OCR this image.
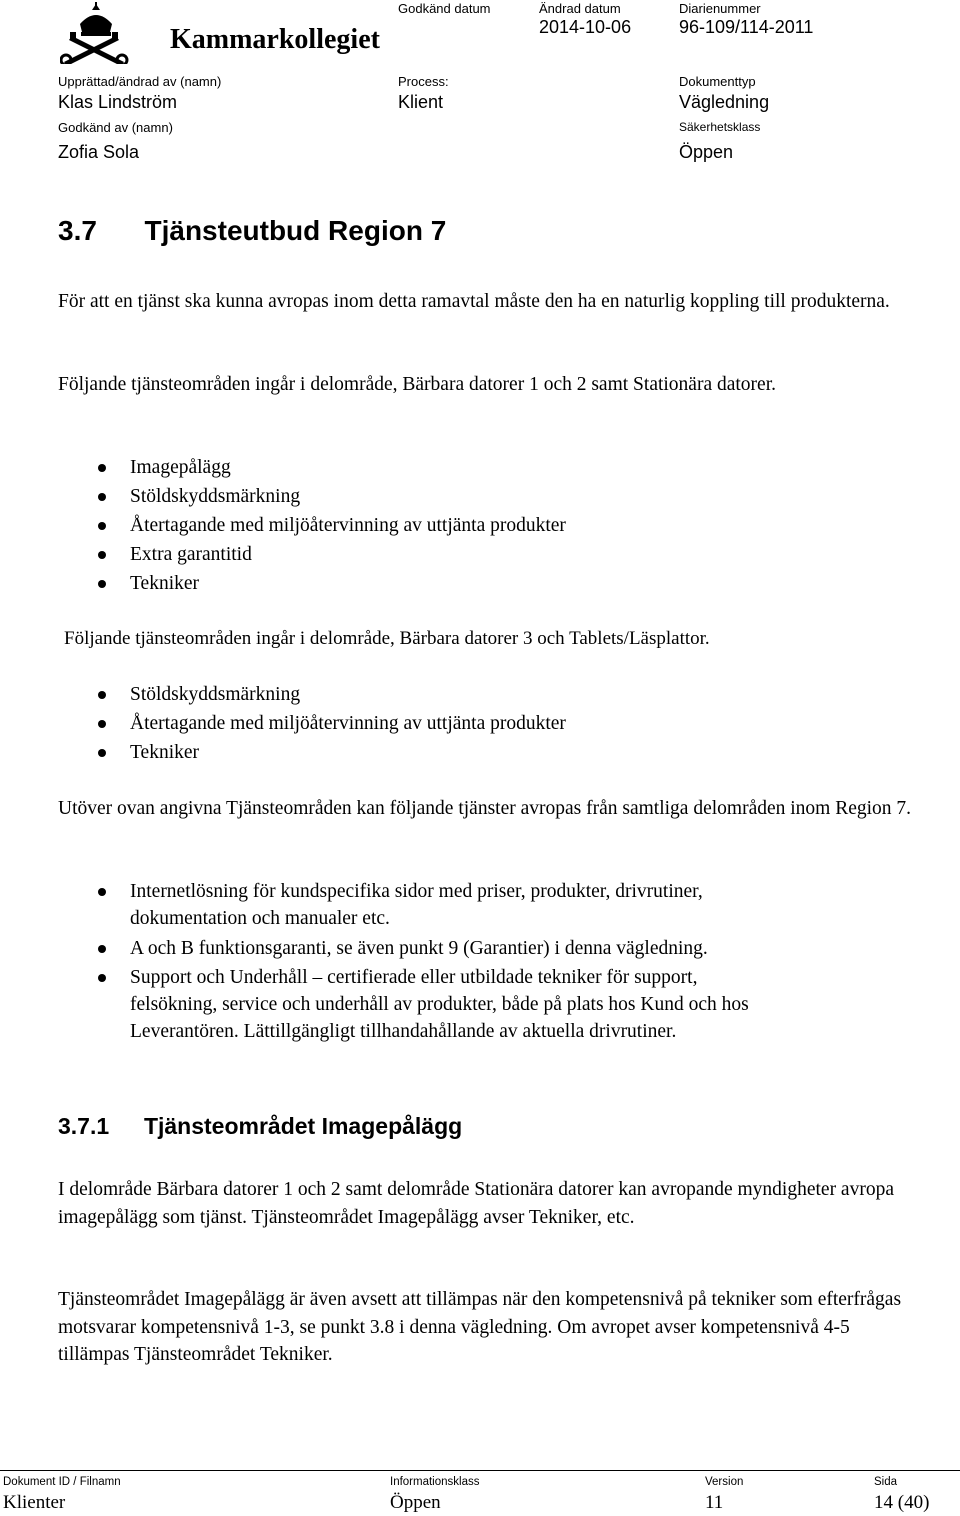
Kammarkollegiet
Godkänd datum	Ändrad datum
2014-10-06
Diarienummer
96-109/114-2011
Upprättad/ändrad av (namn)
Klas Lindström
Process:
Klient
Dokumenttyp
Vägledning
Godkänd av (namn)
Zofia Sola
Säkerhetsklass
Öppen
3.7 Tjänsteutbud Region 7
För att en tjänst ska kunna avropas inom detta ramavtal måste den ha en naturlig koppling till produkterna.
Följande tjänsteområden ingår i delområde, Bärbara datorer 1 och 2 samt Stationära datorer.
Imagepålägg
Stöldskyddsmärkning
Återtagande med miljöåtervinning av uttjänta produkter
Extra garantitid
Tekniker
Följande tjänsteområden ingår i delområde, Bärbara datorer 3 och Tablets/Läsplattor.
Stöldskyddsmärkning
Återtagande med miljöåtervinning av uttjänta produkter
Tekniker
Utöver ovan angivna Tjänsteområden kan följande tjänster avropas från samtliga delområden inom Region 7.
Internetlösning för kundspecifika sidor med priser, produkter, drivrutiner,
dokumentation och manualer etc.
A och B funktionsgaranti, se även punkt 9 (Garantier) i denna vägledning.
Support och Underhåll – certifierade eller utbildade tekniker för support,
felsökning, service och underhåll av produkter, både på plats hos Kund och hos
Leverantören. Lättillgängligt tillhandahållande av aktuella drivrutiner.
3.7.1 Tjänsteområdet Imagepålägg
I delområde Bärbara datorer 1 och 2 samt delområde Stationära datorer kan avropande myndigheter avropa imagepålägg som tjänst. Tjänsteområdet Imagepålägg avser Tekniker, etc.
Tjänsteområdet Imagepålägg är även avsett att tillämpas när den kompetensnivå på tekniker som efterfrågas motsvarar kompetensnivå 1-3, se punkt 3.8 i denna vägledning. Om avropet avser kompetensnivå 4-5 tillämpas Tjänsteområdet Tekniker.
Dokument ID / Filnamn
Klienter
Informationsklass
Öppen
Version
11
Sida
14 (40)
